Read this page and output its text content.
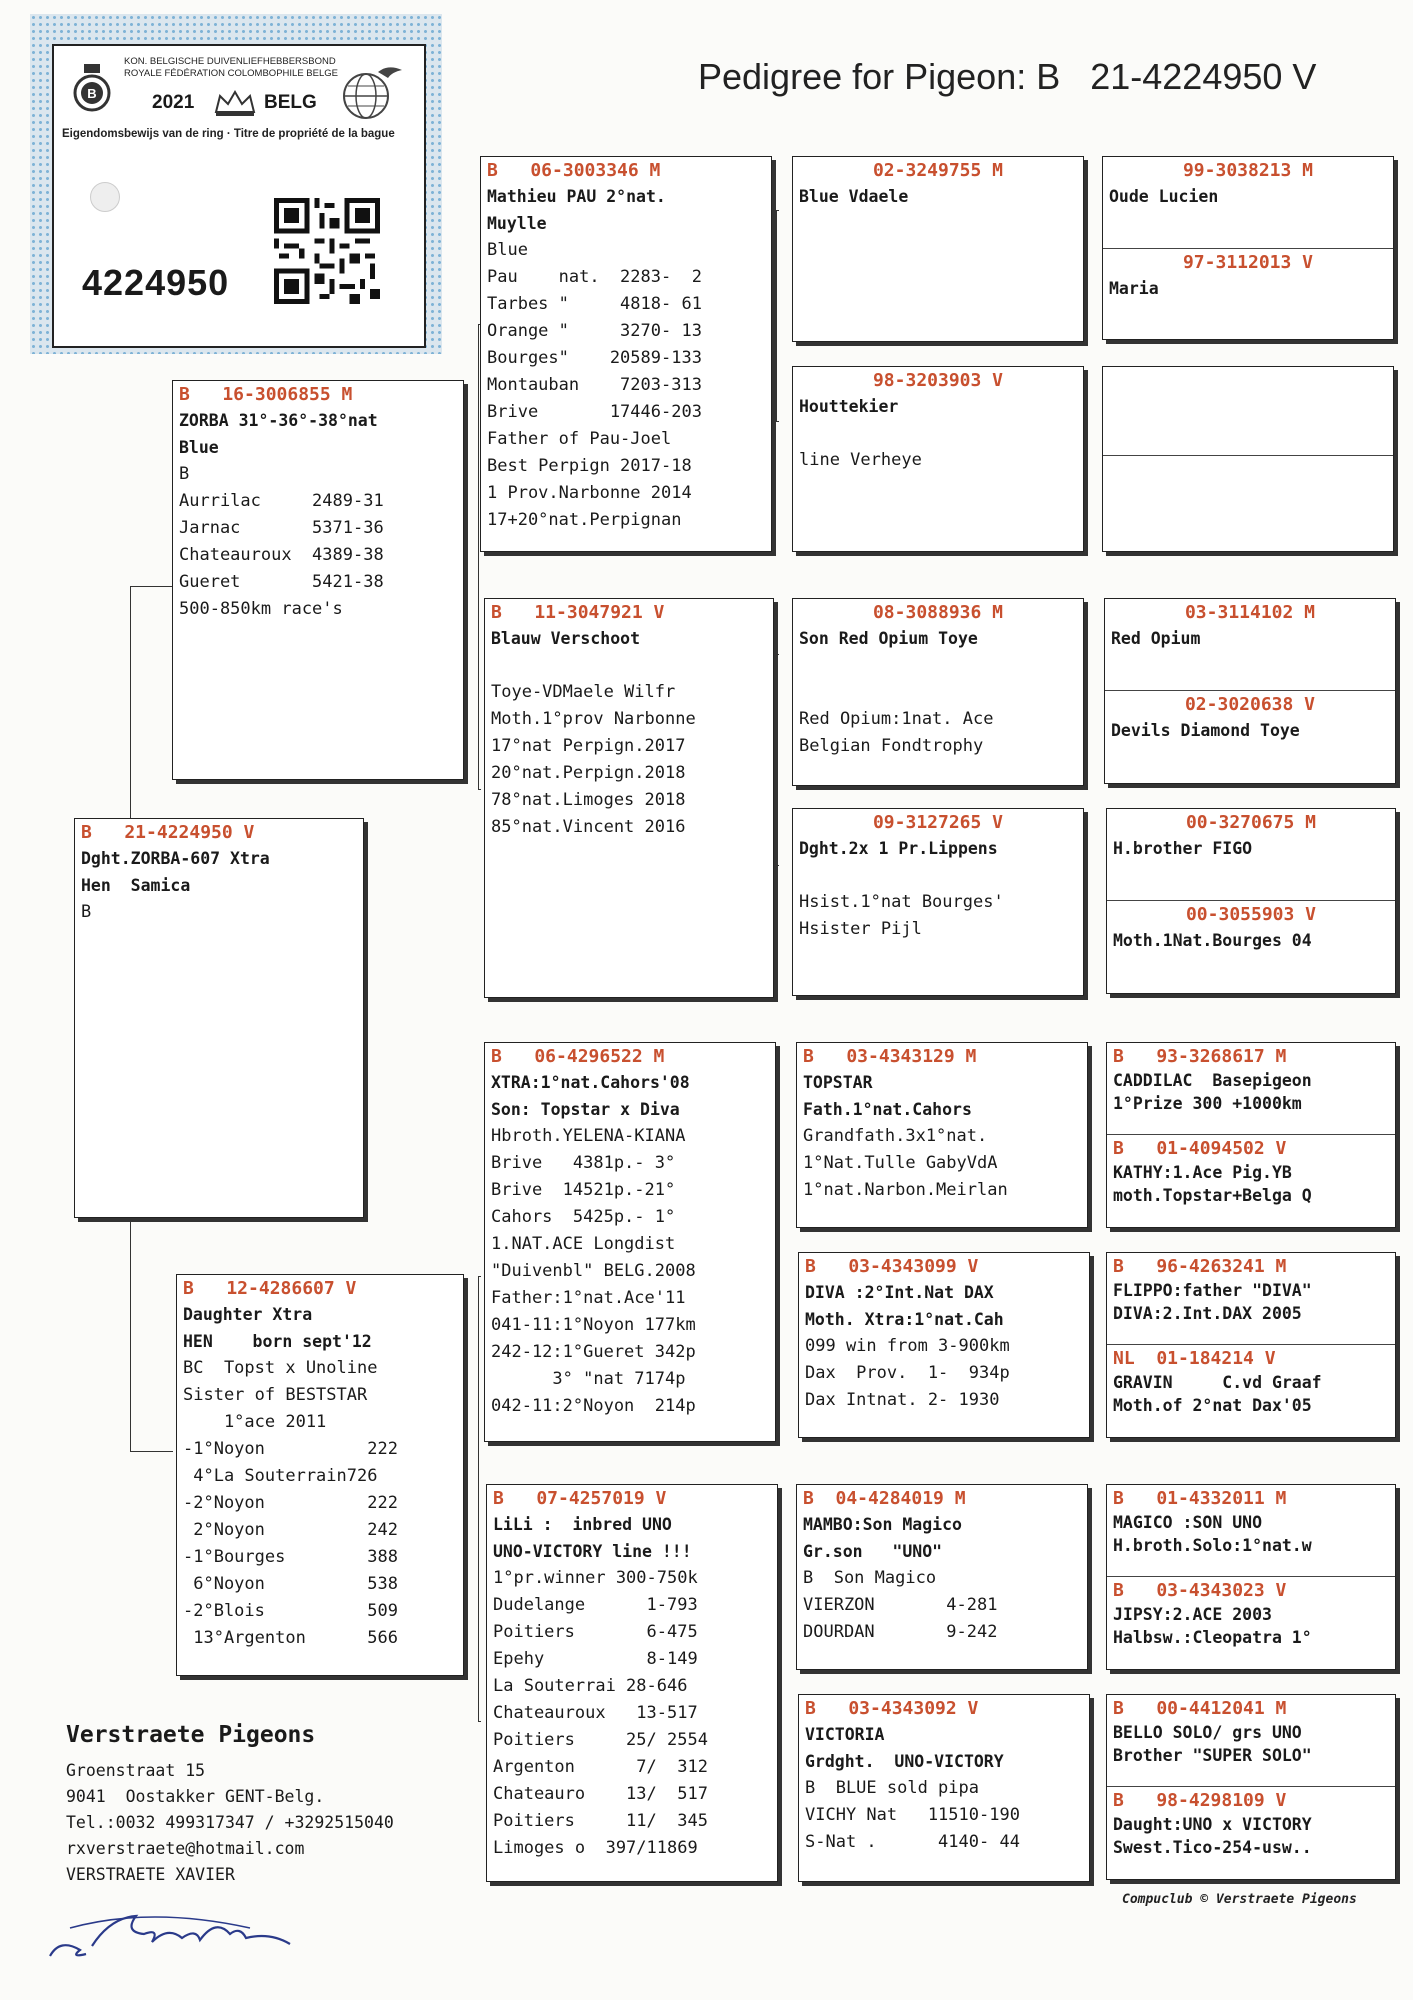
B
KON. BELGISCHE DUIVENLIEFHEBBERSBOND
ROYALE FÉDÉRATION COLOMBOPHILE BELGE
2021	BELG
Eigendomsbewijs van de ring · Titre de propriété de la bague
4224950
Pedigree for Pigeon: B 21-4224950 V
B   21-4224950 V
Dght.ZORBA-607 Xtra
Hen  Samica
B
B   16-3006855 M
ZORBA 31°-36°-38°nat
Blue
B
Aurrilac     2489-31
Jarnac       5371-36
Chateauroux  4389-38
Gueret       5421-38
500-850km race's
B   12-4286607 V
Daughter Xtra
HEN    born sept'12
BC  Topst x Unoline
Sister of BESTSTAR
1°ace 2011
-1°Noyon          222
4°La Souterrain726
-2°Noyon          222
2°Noyon          242
-1°Bourges        388
6°Noyon          538
-2°Blois          509
13°Argenton      566
B   06-3003346 M
Mathieu PAU 2°nat.
Muylle
Blue
Pau    nat.  2283-  2
Tarbes "     4818- 61
Orange "     3270- 13
Bourges"    20589-133
Montauban    7203-313
Brive       17446-203
Father of Pau-Joel
Best Perpign 2017-18
1 Prov.Narbonne 2014
17+20°nat.Perpignan
B   11-3047921 V
Blauw Verschoot
Toye-VDMaele Wilfr
Moth.1°prov Narbonne
17°nat Perpign.2017
20°nat.Perpign.2018
78°nat.Limoges 2018
85°nat.Vincent 2016
B   06-4296522 M
XTRA:1°nat.Cahors'08
Son: Topstar x Diva
Hbroth.YELENA-KIANA
Brive   4381p.- 3°
Brive  14521p.-21°
Cahors  5425p.- 1°
1.NAT.ACE Longdist
"Duivenbl" BELG.2008
Father:1°nat.Ace'11
041-11:1°Noyon 177km
242-12:1°Gueret 342p
3° "nat 7174p
042-11:2°Noyon  214p
B   07-4257019 V
LiLi :  inbred UNO
UNO-VICTORY line !!!
1°pr.winner 300-750k
Dudelange      1-793
Poitiers       6-475
Epehy          8-149
La Souterrai 28-646
Chateauroux   13-517
Poitiers     25/ 2554
Argenton      7/  312
Chateauro    13/  517
Poitiers     11/  345
Limoges o  397/11869
02-3249755 M
Blue Vdaele
98-3203903 V
Houttekier
line Verheye
08-3088936 M
Son Red Opium Toye
Red Opium:1nat. Ace
Belgian Fondtrophy
09-3127265 V
Dght.2x 1 Pr.Lippens
Hsist.1°nat Bourges'
Hsister Pijl
B   03-4343129 M
TOPSTAR
Fath.1°nat.Cahors
Grandfath.3x1°nat.
1°Nat.Tulle GabyVdA
1°nat.Narbon.Meirlan
B   03-4343099 V
DIVA :2°Int.Nat DAX
Moth. Xtra:1°nat.Cah
099 win from 3-900km
Dax  Prov.  1-  934p
Dax Intnat. 2- 1930
B  04-4284019 M
MAMBO:Son Magico
Gr.son   "UNO"
B  Son Magico
VIERZON       4-281
DOURDAN       9-242
B   03-4343092 V
VICTORIA
Grdght.  UNO-VICTORY
B  BLUE sold pipa
VICHY Nat   11510-190
S-Nat .      4140- 44
99-3038213 M
Oude Lucien
97-3112013 V
Maria
03-3114102 M
Red Opium
02-3020638 V
Devils Diamond Toye
00-3270675 M
H.brother FIGO
00-3055903 V
Moth.1Nat.Bourges 04
B   93-3268617 M
CADDILAC  Basepigeon
1°Prize 300 +1000km
B   01-4094502 V
KATHY:1.Ace Pig.YB
moth.Topstar+Belga Q
B   96-4263241 M
FLIPPO:father "DIVA"
DIVA:2.Int.DAX 2005
NL  01-184214 V
GRAVIN     C.vd Graaf
Moth.of 2°nat Dax'05
B   01-4332011 M
MAGICO :SON UNO
H.broth.Solo:1°nat.w
B   03-4343023 V
JIPSY:2.ACE 2003
Halbsw.:Cleopatra 1°
B   00-4412041 M
BELLO SOLO/ grs UNO
Brother "SUPER SOLO"
B   98-4298109 V
Daught:UNO x VICTORY
Swest.Tico-254-usw..
Verstraete Pigeons
Groenstraat 15
9041  Oostakker GENT-Belg.
Tel.:0032 499317347 / +3292515040
rxverstraete@hotmail.com
VERSTRAETE XAVIER
Compuclub © Verstraete Pigeons
